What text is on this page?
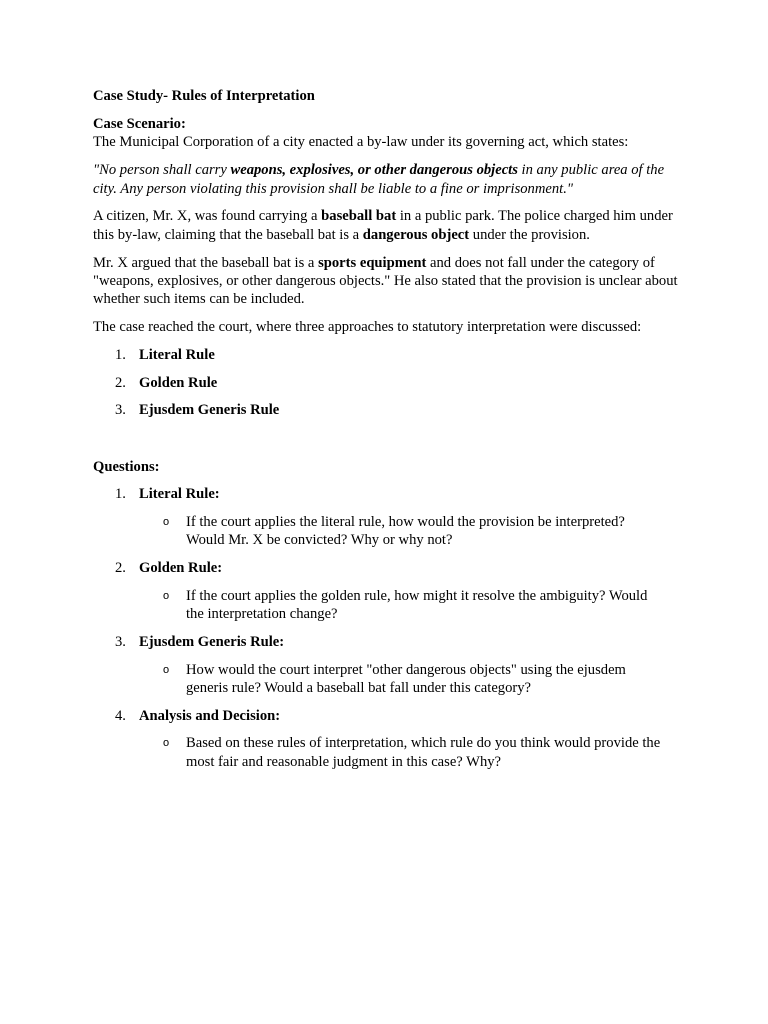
Case Study- Rules of Interpretation

Case Scenario:

The Municipal Corporation of a city enacted a by-law under its governing act, which states:

"No person shall carry weapons, explosives, or other dangerous objects in any public area of the city. Any person violating this provision shall be liable to a fine or imprisonment."

A citizen, Mr. X, was found carrying a baseball bat in a public park. The police charged him under this by-law, claiming that the baseball bat is a dangerous object under the provision.

Mr. X argued that the baseball bat is a sports equipment and does not fall under the category of "weapons, explosives, or other dangerous objects." He also stated that the provision is unclear about whether such items can be included.

The case reached the court, where three approaches to statutory interpretation were discussed:

1. Literal Rule
2. Golden Rule
3. Ejusdem Generis Rule

Questions:

1. Literal Rule:
o If the court applies the literal rule, how would the provision be interpreted? Would Mr. X be convicted? Why or why not?
2. Golden Rule:
o If the court applies the golden rule, how might it resolve the ambiguity? Would the interpretation change?
3. Ejusdem Generis Rule:
o How would the court interpret "other dangerous objects" using the ejusdem generis rule? Would a baseball bat fall under this category?
4. Analysis and Decision:
o Based on these rules of interpretation, which rule do you think would provide the most fair and reasonable judgment in this case? Why?
